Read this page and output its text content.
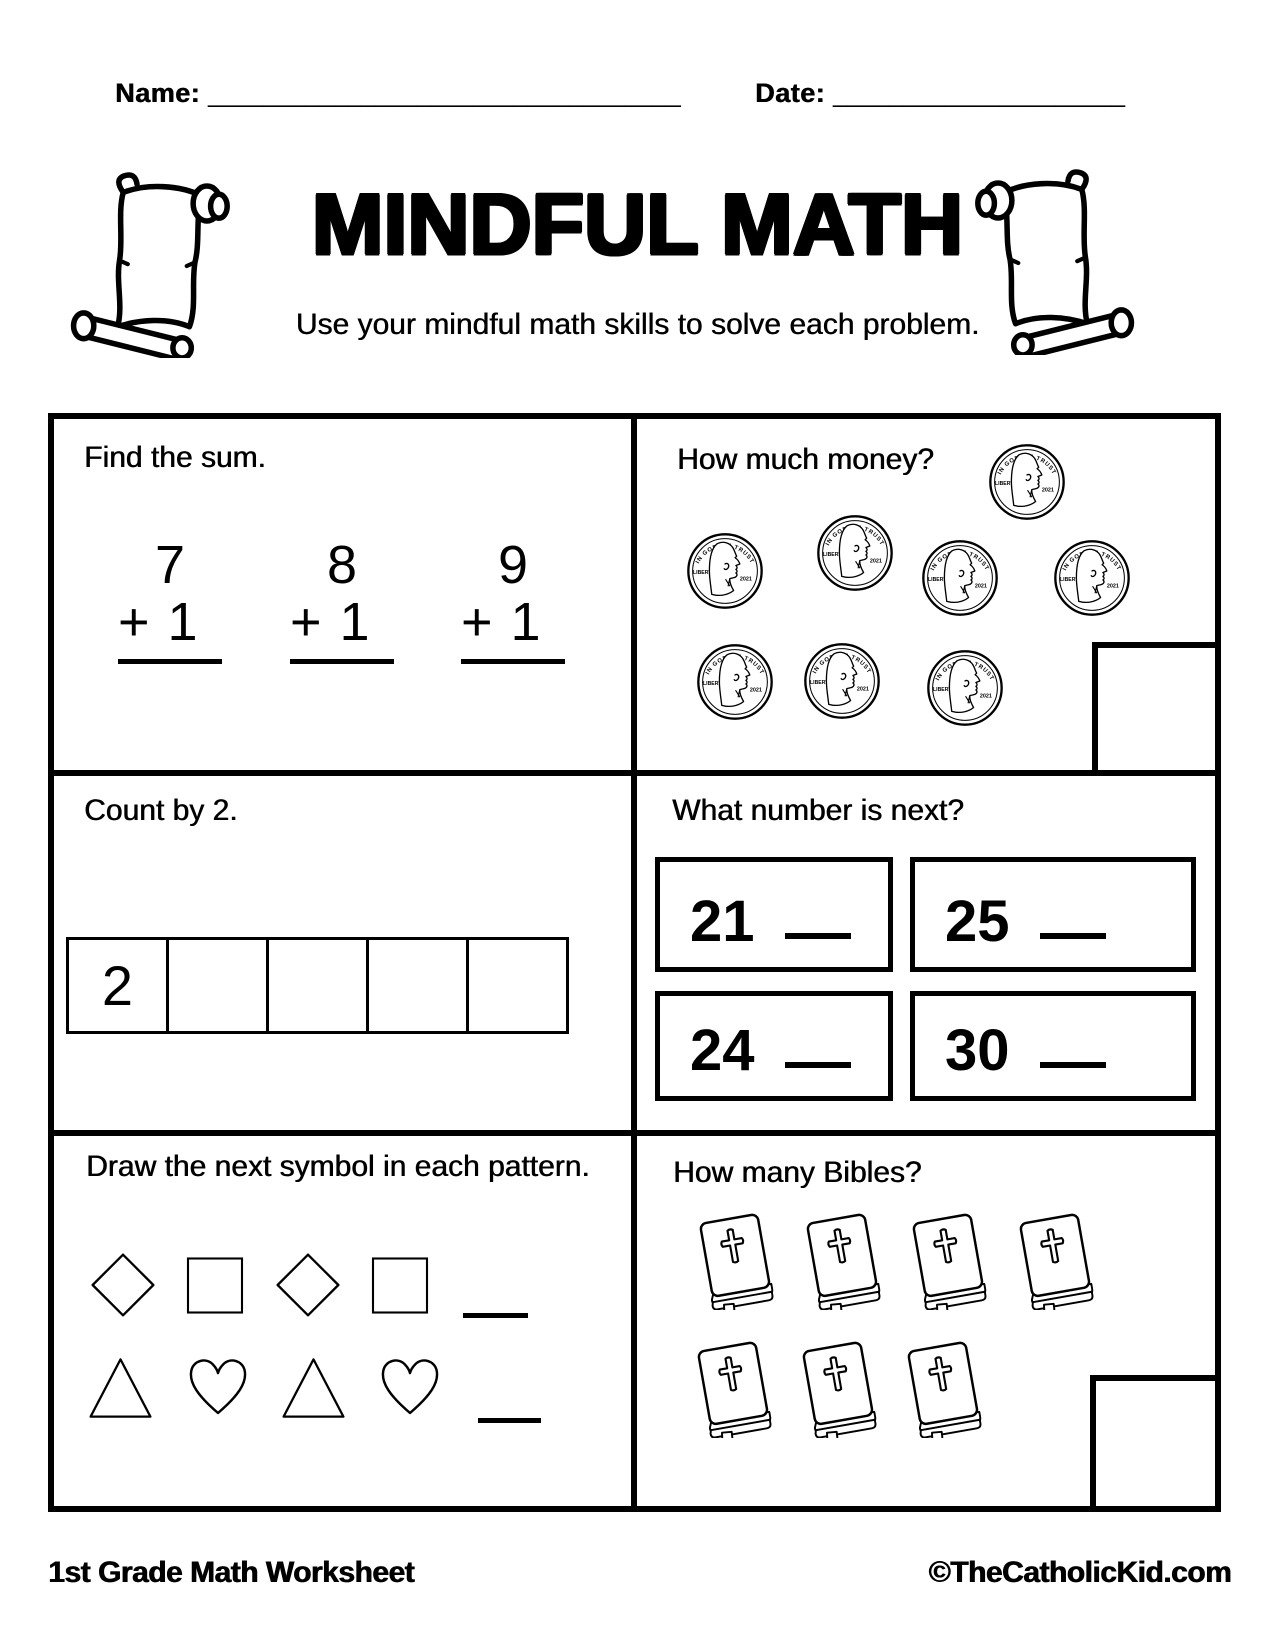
Name: __________________________________	Date: _____________________
MINDFUL MATH
Use your mindful math skills to solve each problem.
Find the sum.
7
+ 1
8
+ 1
9
+ 1
How much money?
Count by 2.
2
What number is next?
21	25
24	30
Draw the next symbol in each pattern.	How many Bibles?
1st Grade Math Worksheet	©TheCatholicKid.com
